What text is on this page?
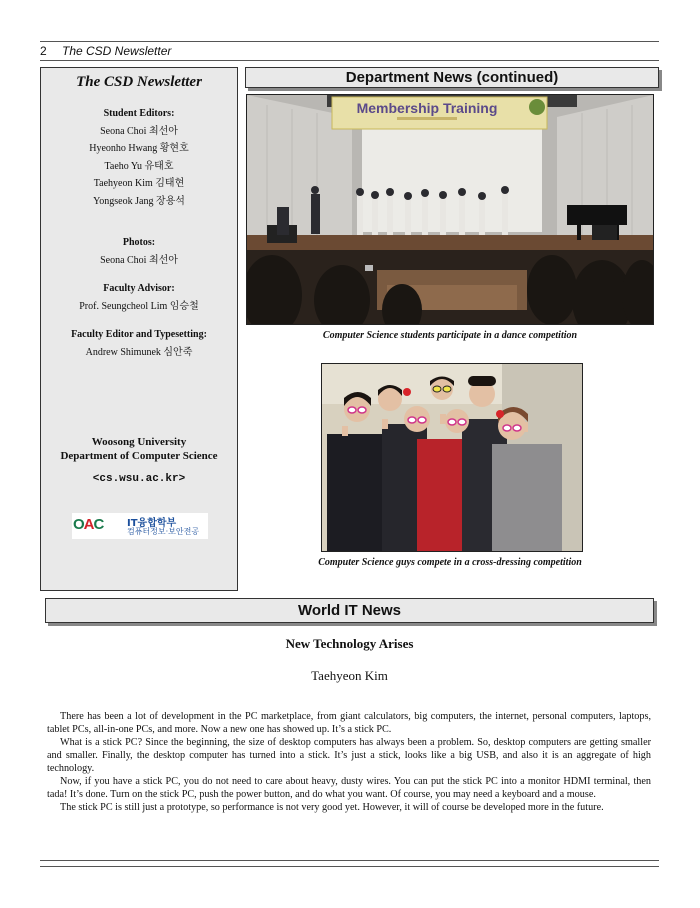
2 The CSD Newsletter
The CSD Newsletter
Student Editors:
Seona Choi 최선아
Hyeonho Hwang 황현호
Taeho Yu 유태호
Taehyeon Kim 김태현
Yongseok Jang 장용석
Photos:
Seona Choi 최선아
Faculty Advisor:
Prof. Seungcheol Lim 임승철
Faculty Editor and Typesetting:
Andrew Shimunek 심안죽
Woosong University
Department of Computer Science
<cs.wsu.ac.kr>
OAC IT융합학부
컴퓨터정보·보안전공
Department News (continued)
Membership Training
Computer Science students participate in a dance competition
Computer Science guys compete in a cross-dressing competition
World IT News
New Technology Arises
Taehyeon Kim

There has been a lot of development in the PC marketplace, from giant calculators, big computers, the internet, personal computers, laptops, tablet PCs, all-in-one PCs, and more. Now a new one has showed up. It’s a stick PC.

What is a stick PC? Since the beginning, the size of desktop computers has always been a problem. So, desktop computers are getting smaller and smaller. Finally, the desktop computer has turned into a stick. It’s just a stick, looks like a big USB, and also it is an aggregate of high technology.

Now, if you have a stick PC, you do not need to care about heavy, dusty wires. You can put the stick PC into a monitor HDMI terminal, then tada! It’s done. Turn on the stick PC, push the power button, and do what you want. Of course, you may need a keyboard and a mouse.

The stick PC is still just a prototype, so performance is not very good yet. However, it will of course be developed more in the future.
